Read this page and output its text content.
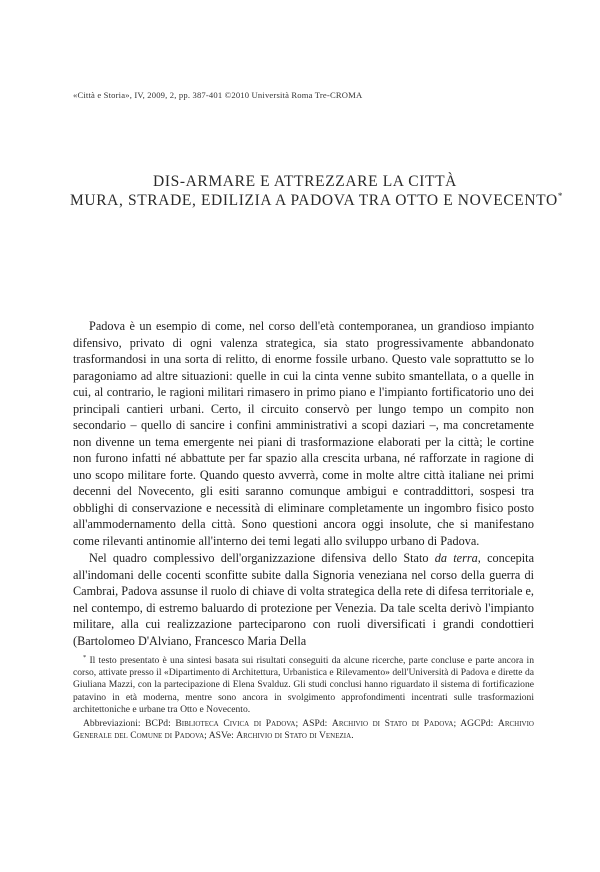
«Città e Storia», IV, 2009, 2, pp. 387-401 ©2010 Università Roma Tre-CROMA
DIS-ARMARE E ATTREZZARE LA CITTÀ
MURA, STRADE, EDILIZIA A PADOVA TRA OTTO E NOVECENTO*

Padova è un esempio di come, nel corso dell'età contemporanea, un grandioso impianto difensivo, privato di ogni valenza strategica, sia stato progressivamente abbandonato trasformandosi in una sorta di relitto, di enorme fossile urbano. Questo vale soprattutto se lo paragoniamo ad altre situazioni: quelle in cui la cinta venne subito smantellata, o a quelle in cui, al contrario, le ragioni militari rimasero in primo piano e l'impianto fortificatorio uno dei principali cantieri urbani. Certo, il circuito conservò per lungo tempo un compito non secondario – quello di sancire i confini amministrativi a scopi daziari –, ma concretamente non divenne un tema emergente nei piani di trasformazione elaborati per la città; le cortine non furono infatti né abbattute per far spazio alla crescita urbana, né rafforzate in ragione di uno scopo militare forte. Quando questo avverrà, come in molte altre città italiane nei primi decenni del Novecento, gli esiti saranno comunque ambigui e contraddittori, sospesi tra obblighi di conservazione e necessità di eliminare completamente un ingombro fisico posto all'ammodernamento della città. Sono questioni ancora oggi insolute, che si manifestano come rilevanti antinomie all'interno dei temi legati allo sviluppo urbano di Padova.

Nel quadro complessivo dell'organizzazione difensiva dello Stato da terra, concepita all'indomani delle cocenti sconfitte subite dalla Signoria veneziana nel corso della guerra di Cambrai, Padova assunse il ruolo di chiave di volta strategica della rete di difesa territoriale e, nel contempo, di estremo baluardo di protezione per Venezia. Da tale scelta derivò l'impianto militare, alla cui realizzazione parteciparono con ruoli diversificati i grandi condottieri (Bartolomeo D'Alviano, Francesco Maria Della

* Il testo presentato è una sintesi basata sui risultati conseguiti da alcune ricerche, parte concluse e parte ancora in corso, attivate presso il «Dipartimento di Architettura, Urbanistica e Rilevamento» dell'Università di Padova e dirette da Giuliana Mazzi, con la partecipazione di Elena Svalduz. Gli studi conclusi hanno riguardato il sistema di fortificazione patavino in età moderna, mentre sono ancora in svolgimento approfondimenti incentrati sulle trasformazioni architettoniche e urbane tra Otto e Novecento.

Abbreviazioni: BCPd: Biblioteca Civica di Padova; ASPd: Archivio di Stato di Padova; AGCPd: Archivio Generale del Comune di Padova; ASVe: Archivio di Stato di Venezia.
